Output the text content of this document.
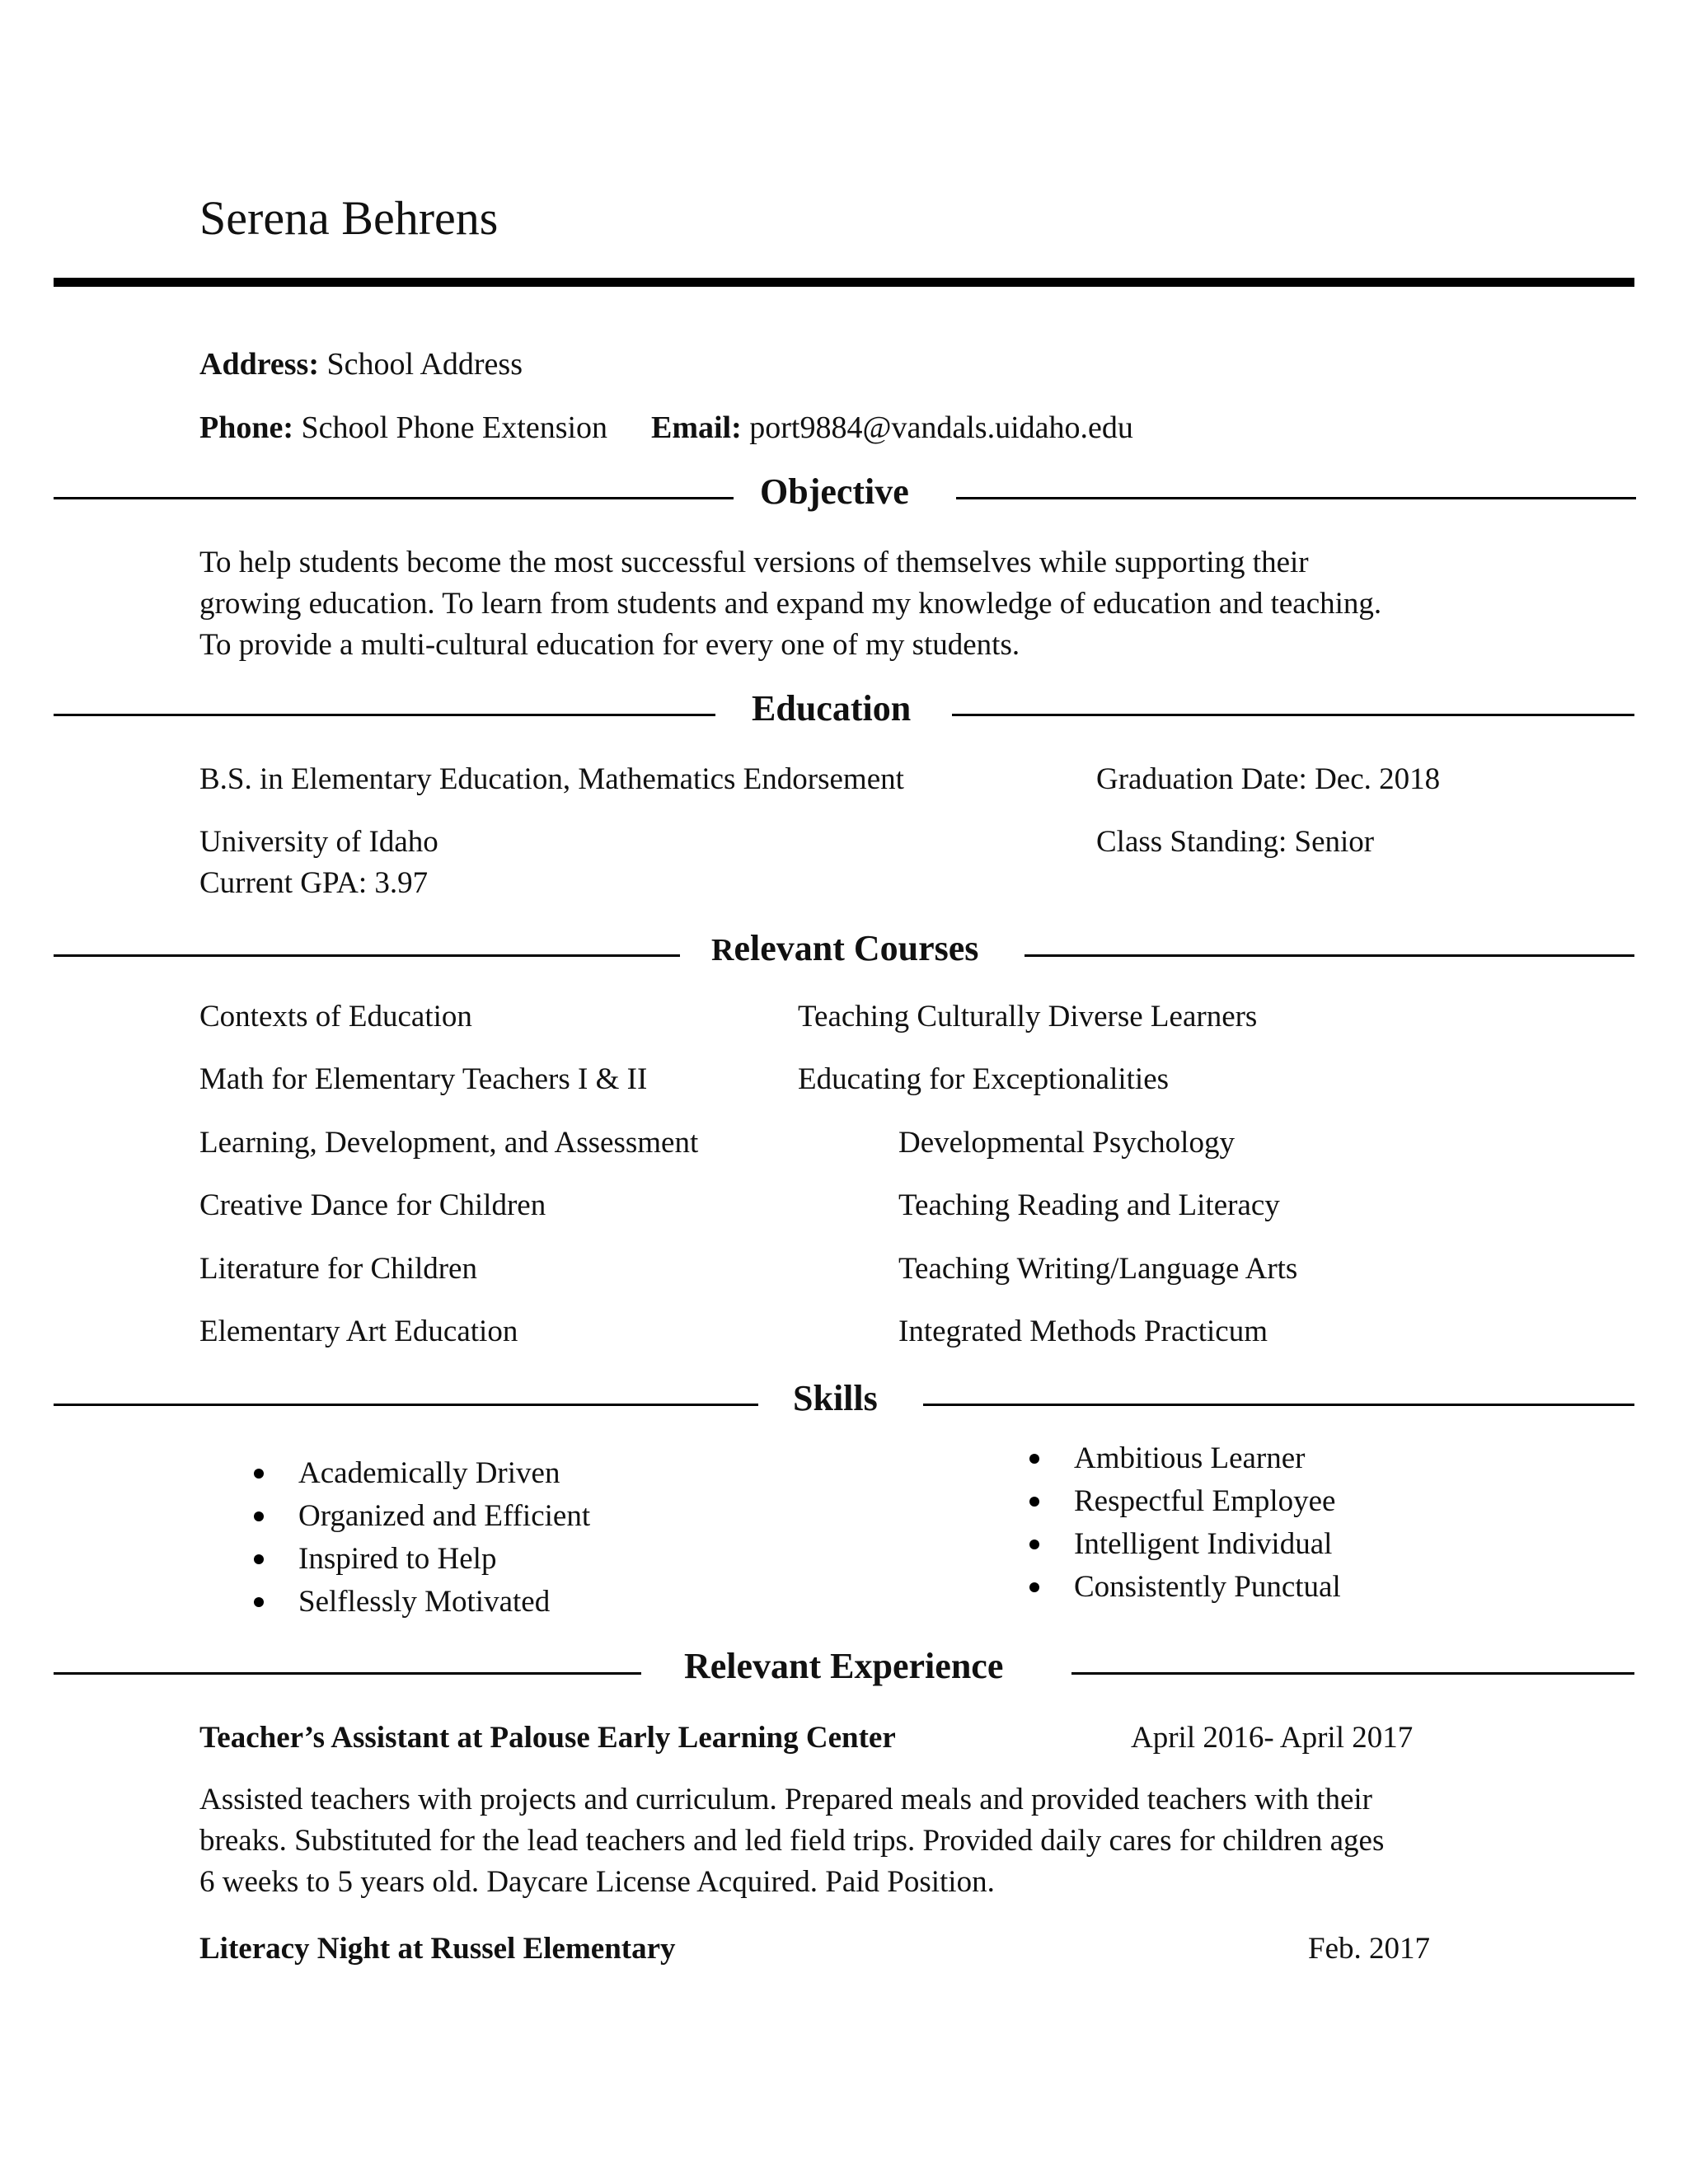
Serena Behrens
Address: School Address
Phone: School Phone Extension Email: port9884@vandals.uidaho.edu
Objective
To help students become the most successful versions of themselves while supporting their
growing education. To learn from students and expand my knowledge of education and teaching.
To provide a multi-cultural education for every one of my students.
Education
B.S. in Elementary Education, Mathematics Endorsement	Graduation Date: Dec. 2018
University of Idaho	Class Standing: Senior
Current GPA: 3.97
Relevant Courses
Contexts of Education	Teaching Culturally Diverse Learners
Math for Elementary Teachers I & II	Educating for Exceptionalities
Learning, Development, and Assessment	Developmental Psychology
Creative Dance for Children	Teaching Reading and Literacy
Literature for Children	Teaching Writing/Language Arts
Elementary Art Education	Integrated Methods Practicum
Skills
Academically Driven
Organized and Efficient
Inspired to Help
Selflessly Motivated
Ambitious Learner
Respectful Employee
Intelligent Individual
Consistently Punctual
Relevant Experience
Teacher’s Assistant at Palouse Early Learning Center	April 2016- April 2017
Assisted teachers with projects and curriculum. Prepared meals and provided teachers with their
breaks. Substituted for the lead teachers and led field trips. Provided daily cares for children ages
6 weeks to 5 years old. Daycare License Acquired. Paid Position.
Literacy Night at Russel Elementary	Feb. 2017
